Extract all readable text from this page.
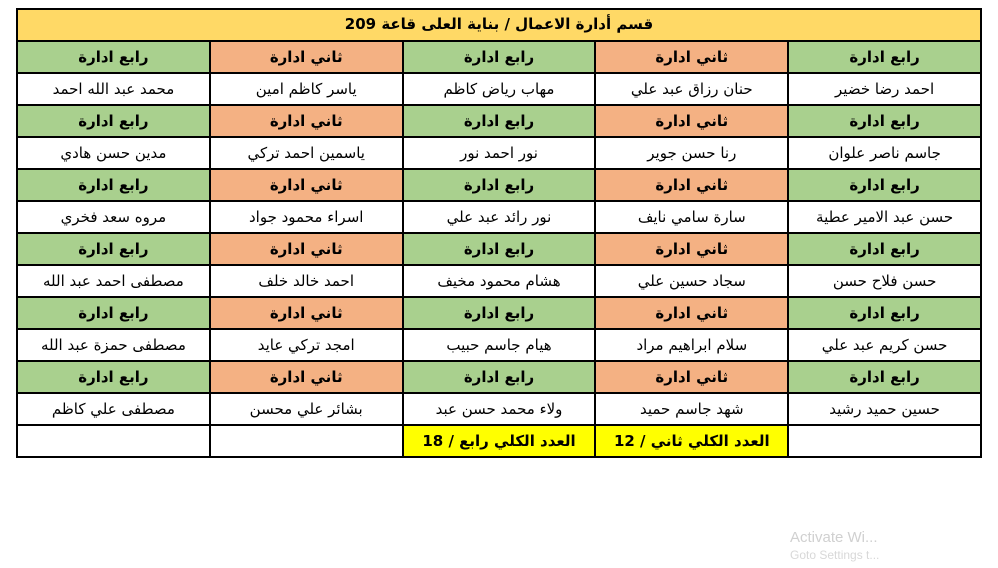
قسم أدارة الاعمال / بناية العلى قاعة 209				
رابع ادارة	ثاني ادارة	رابع ادارة	ثاني ادارة	رابع ادارة
احمد رضا خضير	حنان رزاق عبد علي	مهاب رياض كاظم	ياسر كاظم امين	محمد عبد الله احمد
رابع ادارة	ثاني ادارة	رابع ادارة	ثاني ادارة	رابع ادارة
جاسم ناصر علوان	رنا حسن جوير	نور احمد نور	ياسمين احمد تركي	مدين حسن هادي
رابع ادارة	ثاني ادارة	رابع ادارة	ثاني ادارة	رابع ادارة
حسن عبد الامير عطية	سارة سامي نايف	نور رائد عبد علي	اسراء محمود جواد	مروه سعد فخري
رابع ادارة	ثاني ادارة	رابع ادارة	ثاني ادارة	رابع ادارة
حسن فلاح حسن	سجاد حسين علي	هشام محمود مخيف	احمد خالد خلف	مصطفى احمد عبد الله
رابع ادارة	ثاني ادارة	رابع ادارة	ثاني ادارة	رابع ادارة
حسن كريم عبد علي	سلام ابراهيم مراد	هيام جاسم حبيب	امجد تركي عايد	مصطفى حمزة عبد الله
رابع ادارة	ثاني ادارة	رابع ادارة	ثاني ادارة	رابع ادارة
حسين حميد رشيد	شهد جاسم حميد	ولاء محمد حسن عبد	بشائر علي محسن	مصطفى علي كاظم
	العدد الكلي ثاني / 12	العدد الكلي رابع / 18		
Activate Wi...
Goto Settings t...
